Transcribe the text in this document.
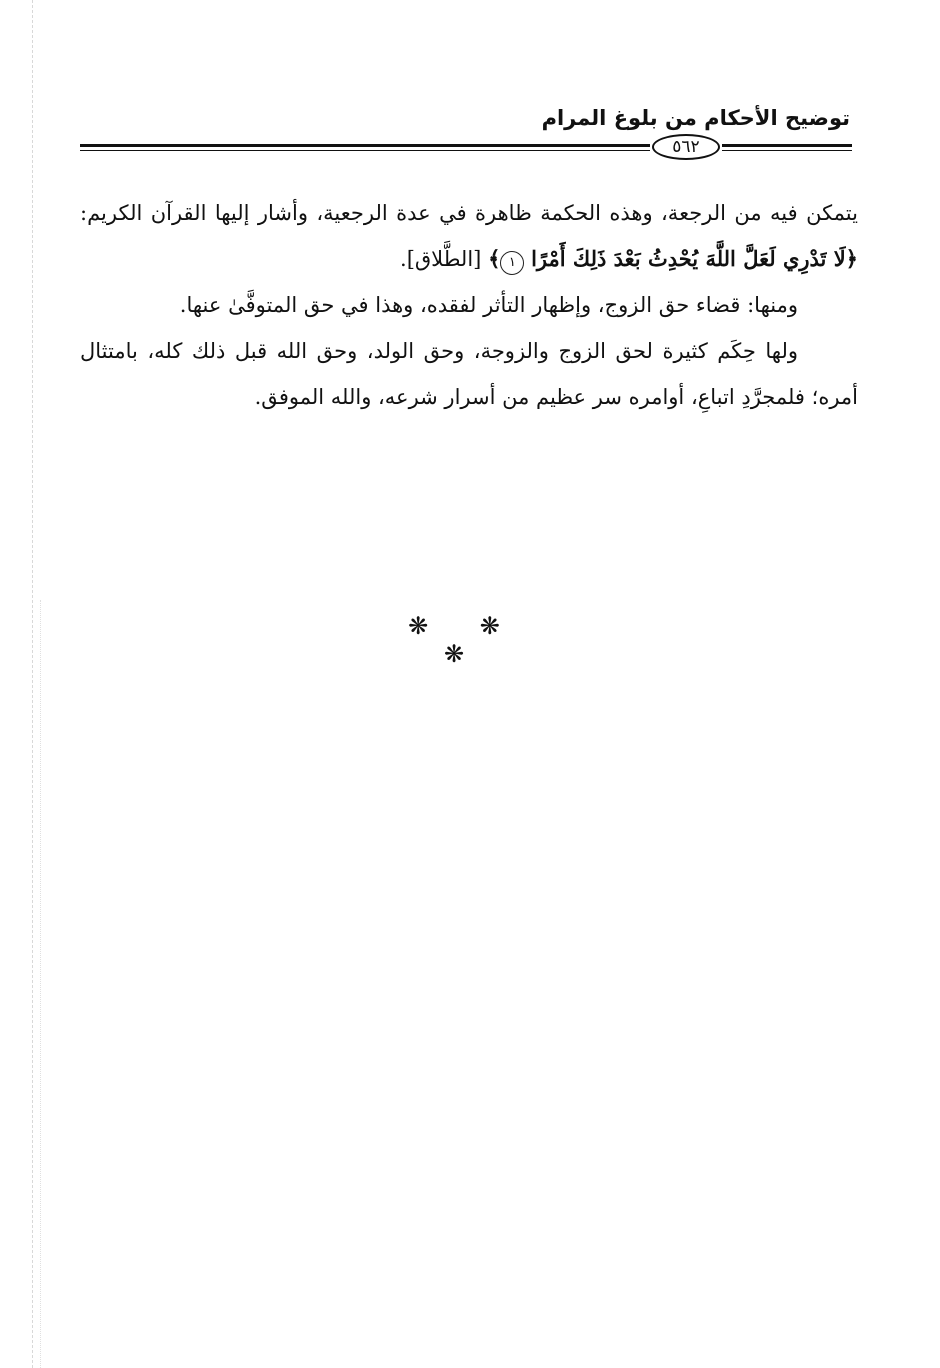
توضيح الأحكام من بلوغ المرام
٥٦٢

يتمكن فيه من الرجعة، وهذه الحكمة ظاهرة في عدة الرجعية، وأشار إليها القرآن الكريم: ﴿لَا تَدْرِي لَعَلَّ اللَّهَ يُحْدِثُ بَعْدَ ذَلِكَ أَمْرًا ١﴾ [الطَّلاق].

ومنها: قضاء حق الزوج، وإظهار التأثر لفقده، وهذا في حق المتوفَّىٰ عنها.

ولها حِكَم كثيرة لحق الزوج والزوجة، وحق الولد، وحق الله قبل ذلك كله، بامتثال أمره؛ فلمجرَّدِ اتباعِ، أوامره سر عظيم من أسرار شرعه، والله الموفق.

❋ ❋ ❋
